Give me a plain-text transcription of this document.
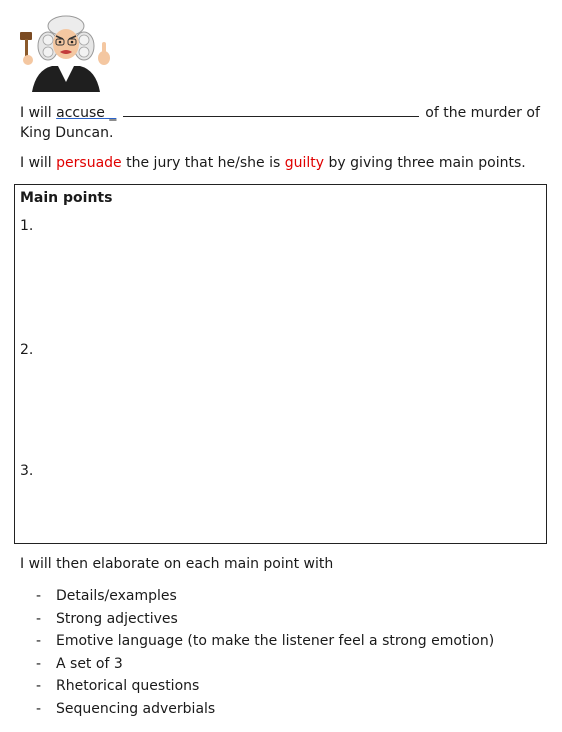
I will accuse _	of the murder of
King Duncan.
I will persuade the jury that he/she is guilty by giving three main points.
Main points
1.
2.
3.
I will then elaborate on each main point with
-	Details/examples
-	Strong adjectives
-	Emotive language (to make the listener feel a strong emotion)
-	A set of 3
-	Rhetorical questions
-	Sequencing adverbials
